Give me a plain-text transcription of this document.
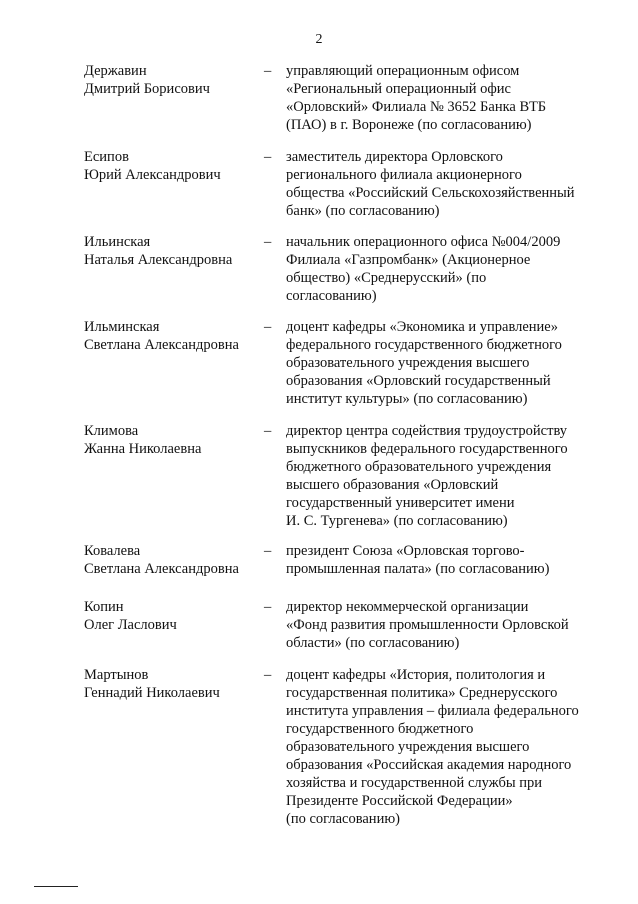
2
Державин
Дмитрий Борисович
– управляющий операционным офисом
«Региональный операционный офис
«Орловский» Филиала № 3652 Банка ВТБ
(ПАО) в г. Воронеже (по согласованию)
Есипов
Юрий Александрович
– заместитель директора Орловского
регионального филиала акционерного
общества «Российский Сельскохозяйственный
банк» (по согласованию)
Ильинская
Наталья Александровна
– начальник операционного офиса №004/2009
Филиала «Газпромбанк» (Акционерное
общество) «Среднерусский» (по
согласованию)
Ильминская
Светлана Александровна
– доцент кафедры «Экономика и управление»
федерального государственного бюджетного
образовательного учреждения высшего
образования «Орловский государственный
институт культуры» (по согласованию)
Климова
Жанна Николаевна
– директор центра содействия трудоустройству
выпускников федерального государственного
бюджетного образовательного учреждения
высшего образования «Орловский
государственный университет имени
И. С. Тургенева» (по согласованию)
Ковалева
Светлана Александровна
– президент Союза «Орловская торгово-
промышленная палата» (по согласованию)
Копин
Олег Ласлович
– директор некоммерческой организации
«Фонд развития промышленности Орловской
области» (по согласованию)
Мартынов
Геннадий Николаевич
– доцент кафедры «История, политология и
государственная политика» Среднерусского
института управления – филиала федерального
государственного бюджетного
образовательного учреждения высшего
образования «Российская академия народного
хозяйства и государственной службы при
Президенте Российской Федерации»
(по согласованию)
